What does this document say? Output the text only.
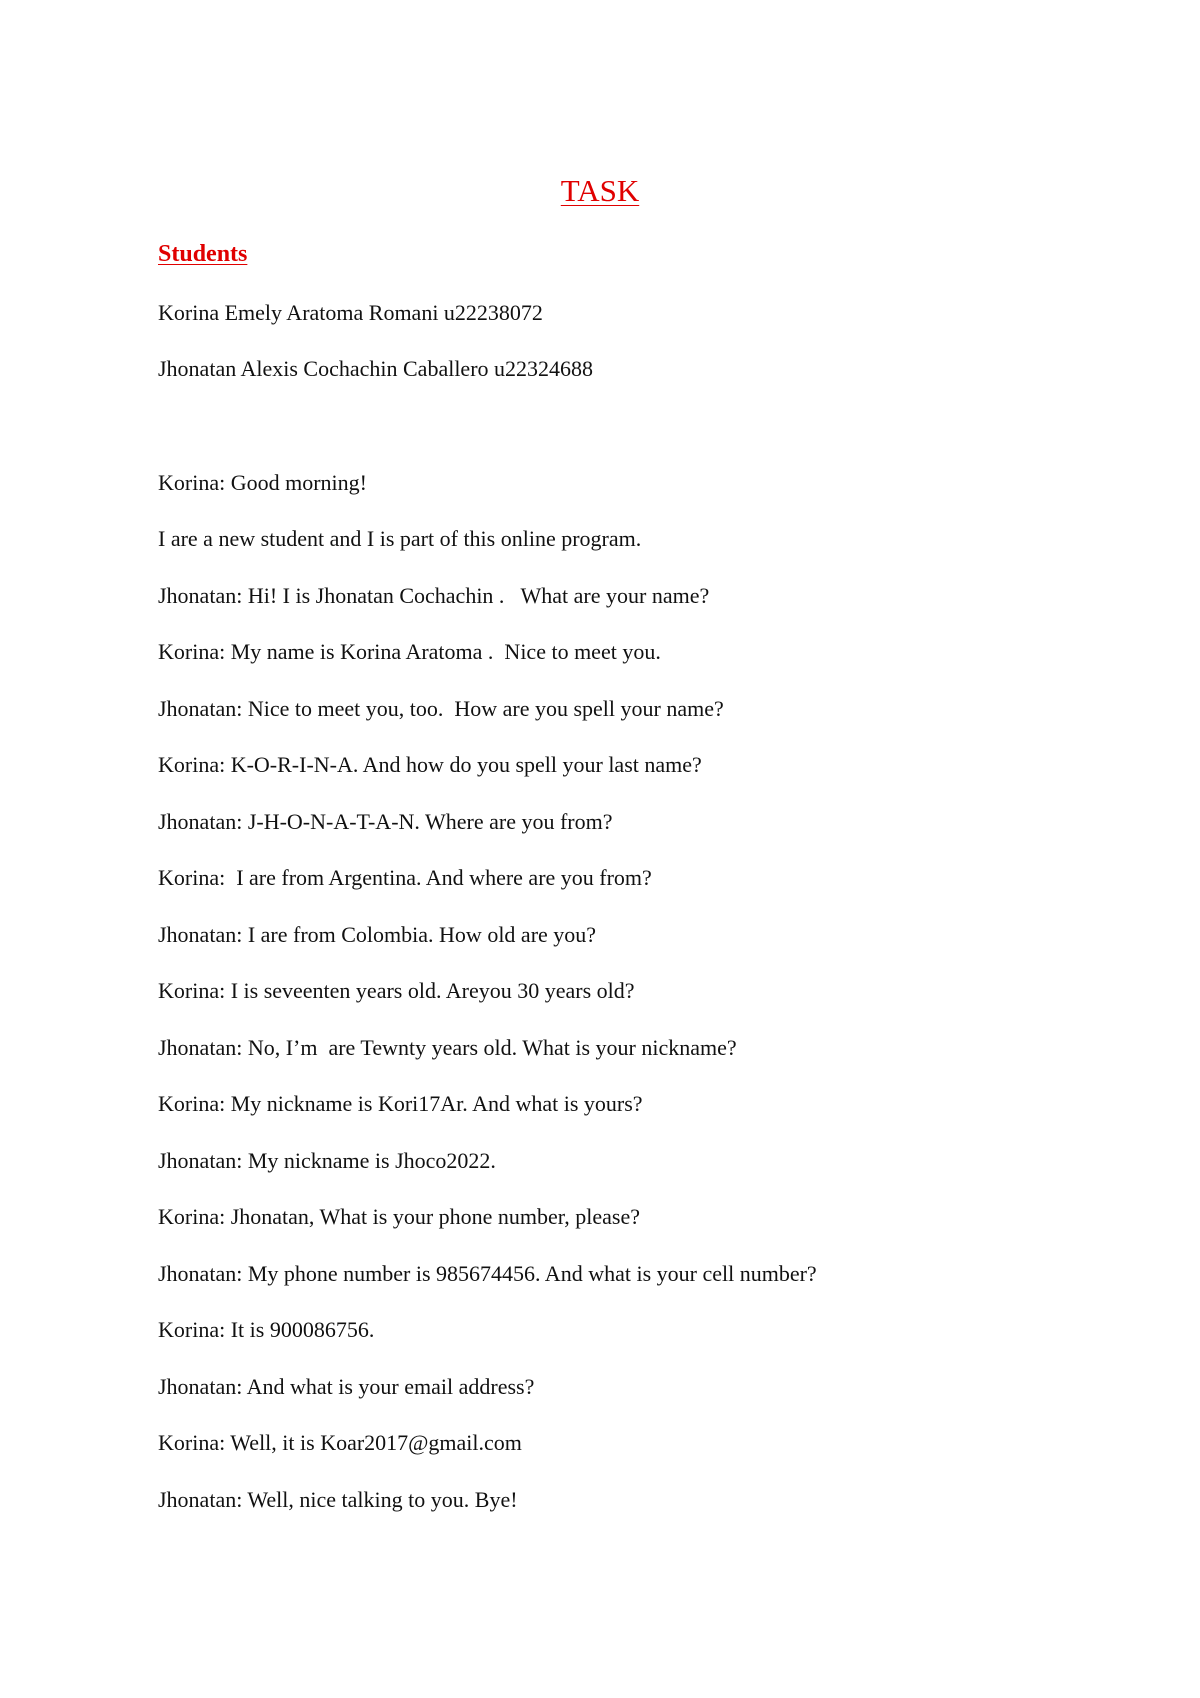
TASK
Students

Korina Emely Aratoma Romani u22238072

Jhonatan Alexis Cochachin Caballero u22324688

Korina: Good morning!

I are a new student and I is part of this online program.

Jhonatan: Hi! I is Jhonatan Cochachin .   What are your name?

Korina: My name is Korina Aratoma .  Nice to meet you.

Jhonatan: Nice to meet you, too.  How are you spell your name?

Korina: K-O-R-I-N-A. And how do you spell your last name?

Jhonatan: J-H-O-N-A-T-A-N. Where are you from?

Korina:  I are from Argentina. And where are you from?

Jhonatan: I are from Colombia. How old are you?

Korina: I is seveenten years old. Areyou 30 years old?

Jhonatan: No, I’m  are Tewnty years old. What is your nickname?

Korina: My nickname is Kori17Ar. And what is yours?

Jhonatan: My nickname is Jhoco2022.

Korina: Jhonatan, What is your phone number, please?

Jhonatan: My phone number is 985674456. And what is your cell number?

Korina: It is 900086756.

Jhonatan: And what is your email address?

Korina: Well, it is Koar2017@gmail.com

Jhonatan: Well, nice talking to you. Bye!
